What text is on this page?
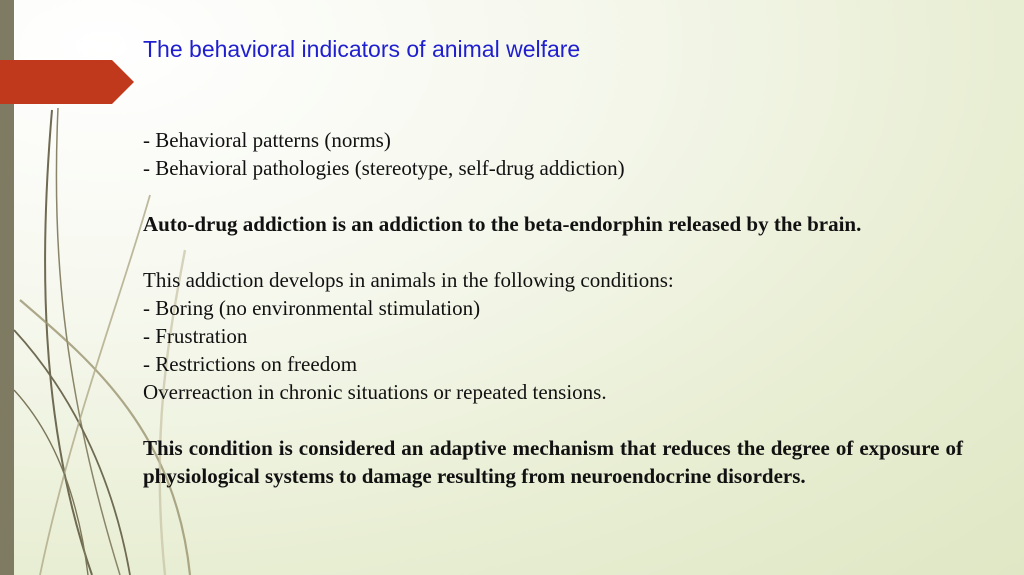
The behavioral indicators of animal welfare
- Behavioral patterns (norms)
- Behavioral pathologies (stereotype, self-drug addiction)
Auto-drug addiction is an addiction to the beta-endorphin released by the brain.
This addiction develops in animals in the following conditions:
- Boring (no environmental stimulation)
- Frustration
- Restrictions on freedom
Overreaction in chronic situations or repeated tensions.
This condition is considered an adaptive mechanism that reduces the degree of exposure of physiological systems to damage resulting from neuroendocrine disorders.
